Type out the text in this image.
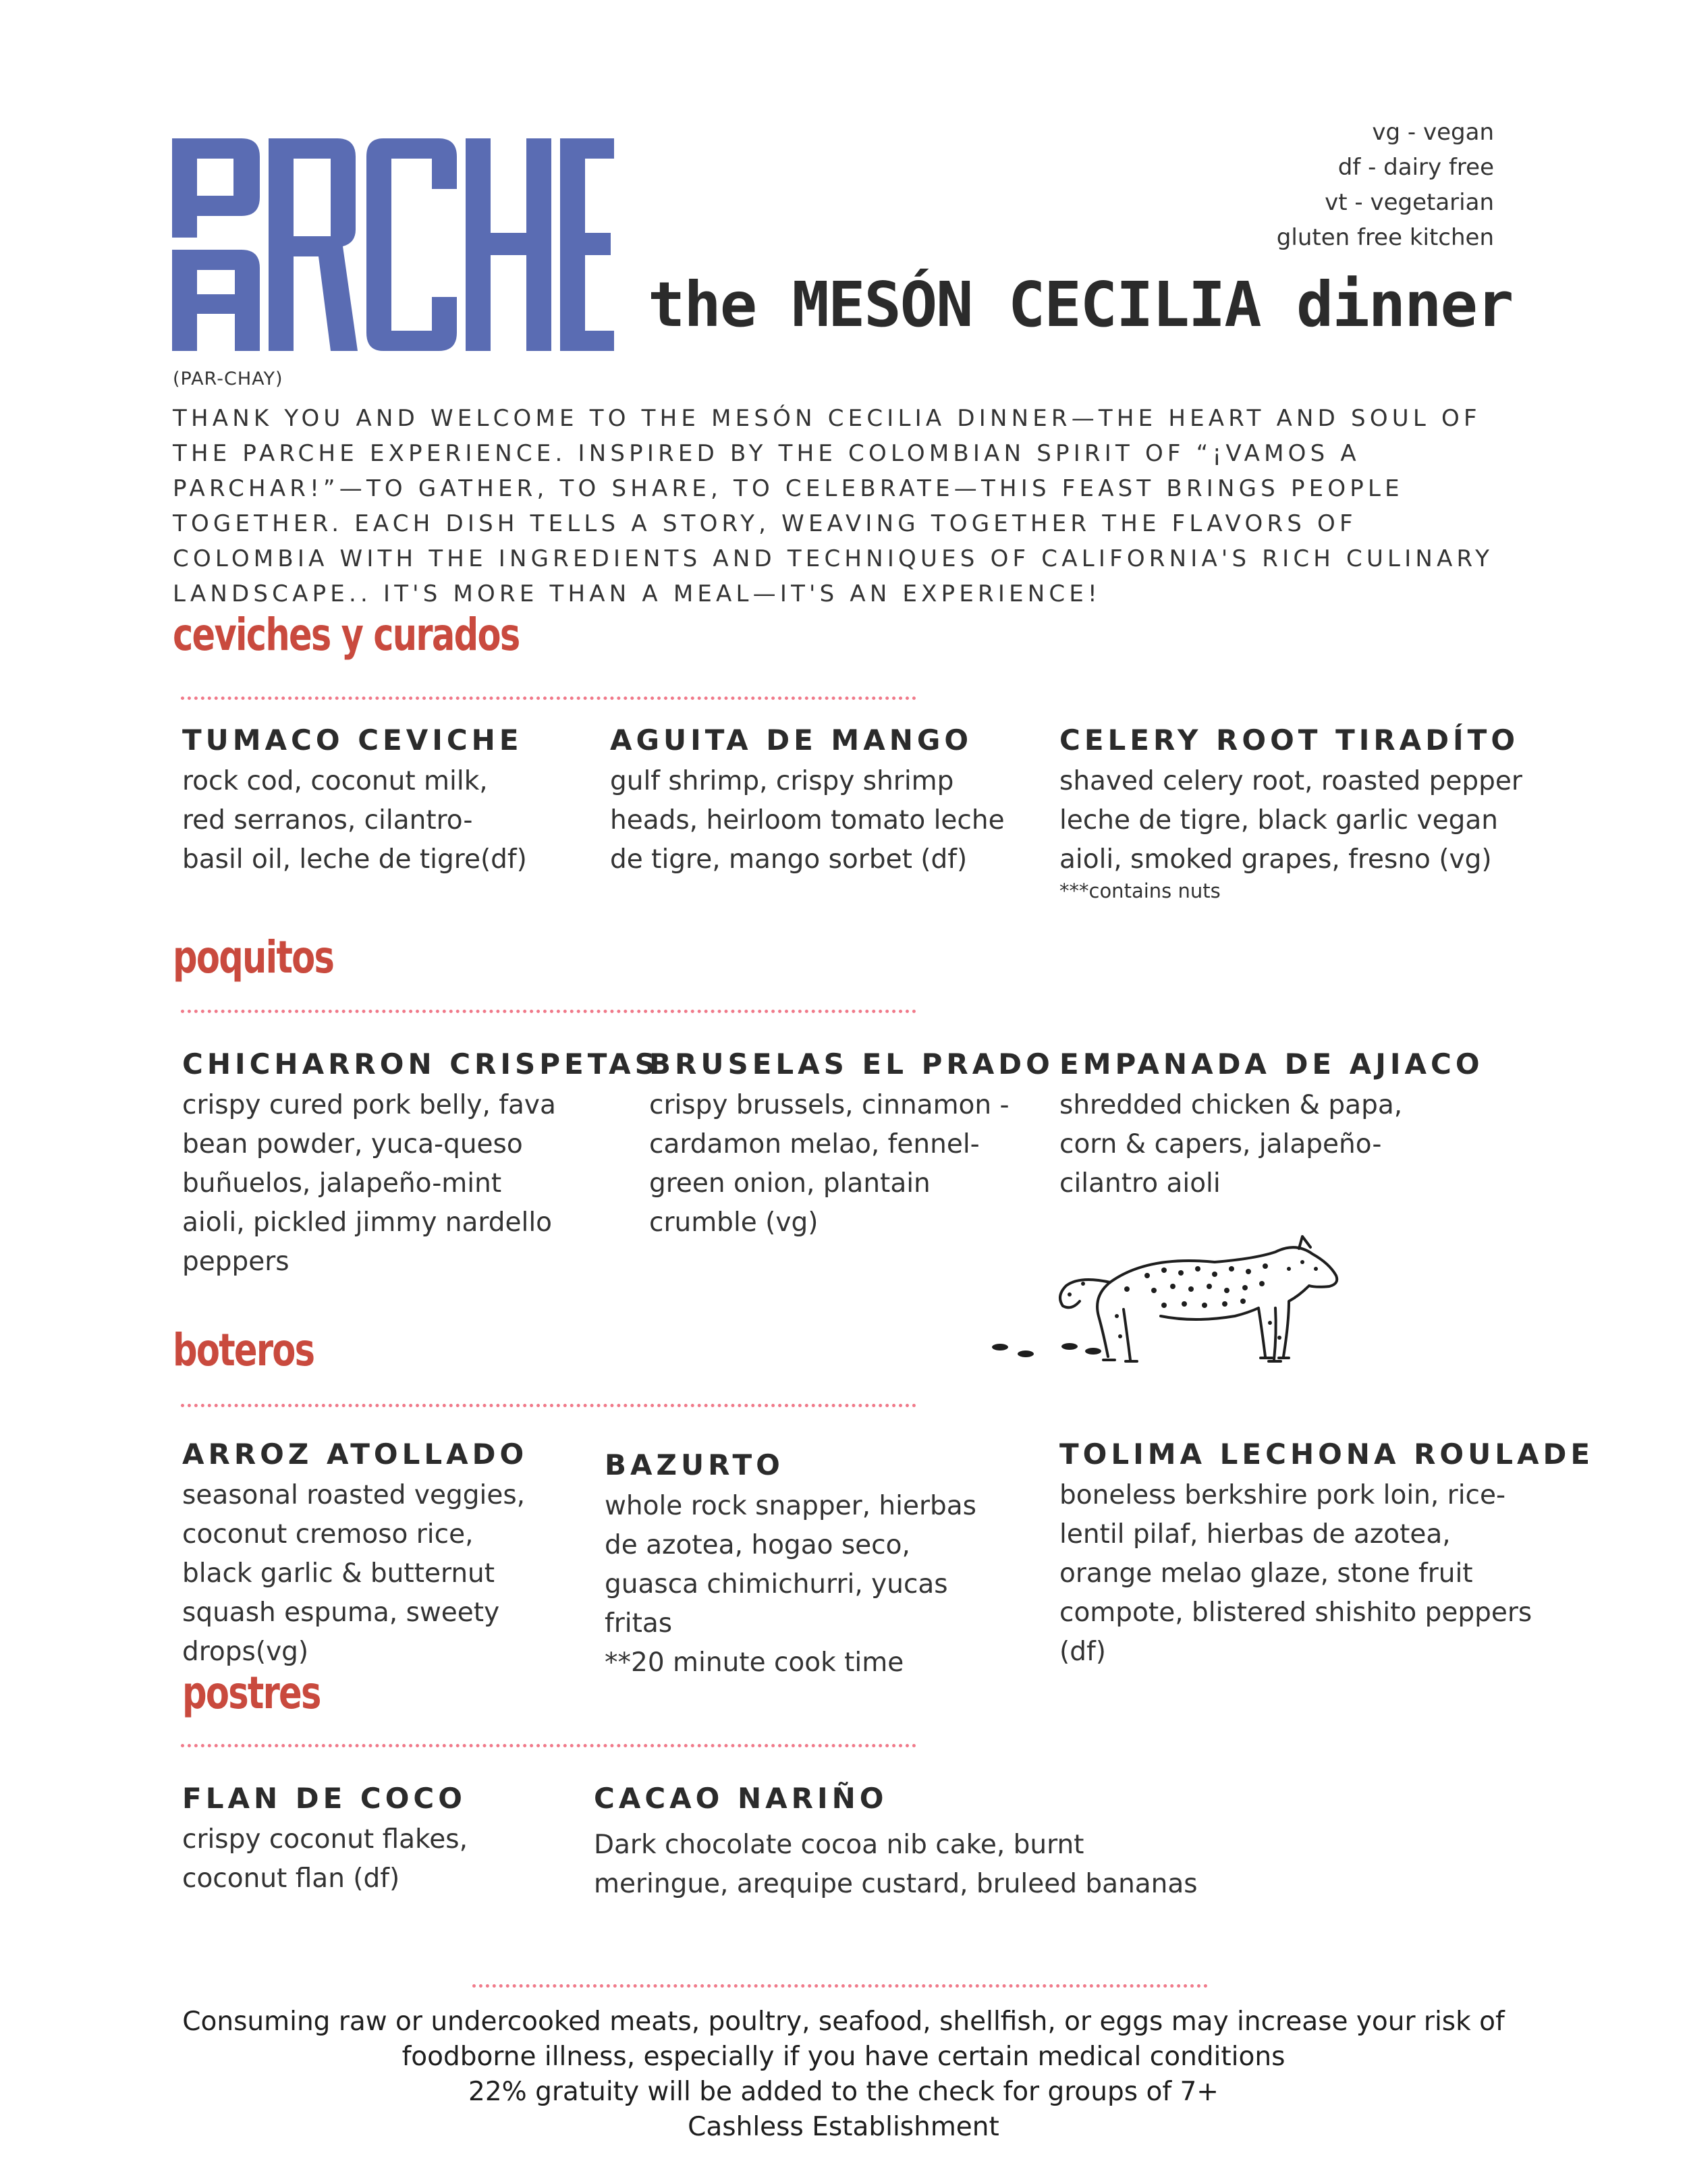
(PAR-CHAY)
vg - vegan
df - dairy free
vt - vegetarian
gluten free kitchen
the MESÓN CECILIA dinner
THANK YOU AND WELCOME TO THE MESÓN CECILIA DINNER—THE HEART AND SOUL OF THE PARCHE EXPERIENCE. INSPIRED BY THE COLOMBIAN SPIRIT OF “¡VAMOS A PARCHAR!”—TO GATHER, TO SHARE, TO CELEBRATE—THIS FEAST BRINGS PEOPLE TOGETHER. EACH DISH TELLS A STORY, WEAVING TOGETHER THE FLAVORS OF COLOMBIA WITH THE INGREDIENTS AND TECHNIQUES OF CALIFORNIA'S RICH CULINARY LANDSCAPE.. IT'S MORE THAN A MEAL—IT'S AN EXPERIENCE!
ceviches y curados
TUMACO CEVICHE
rock cod, coconut milk, red serranos, cilantro-basil oil, leche de tigre(df)
AGUITA DE MANGO
gulf shrimp, crispy shrimp heads, heirloom tomato leche de tigre, mango sorbet (df)
CELERY ROOT TIRADÍTO
shaved celery root, roasted pepper leche de tigre, black garlic vegan aioli, smoked grapes, fresno (vg)
***contains nuts
poquitos
CHICHARRON CRISPETAS
crispy cured pork belly, fava bean powder, yuca-queso buñuelos, jalapeño-mint aioli, pickled jimmy nardello peppers
BRUSELAS EL PRADO
crispy brussels, cinnamon -cardamon melao, fennel-green onion, plantain crumble (vg)
EMPANADA DE AJIACO
shredded chicken & papa, corn & capers, jalapeño-cilantro aioli
boteros
ARROZ ATOLLADO
seasonal roasted veggies, coconut cremoso rice, black garlic & butternut squash espuma, sweety drops(vg)
BAZURTO
whole rock snapper, hierbas de azotea, hogao seco, guasca chimichurri, yucas fritas
**20 minute cook time
TOLIMA LECHONA ROULADE
boneless berkshire pork loin, rice-lentil pilaf, hierbas de azotea, orange melao glaze, stone fruit compote, blistered shishito peppers (df)
postres
FLAN DE COCO
crispy coconut flakes, coconut flan (df)
CACAO NARIÑO
Dark chocolate cocoa nib cake, burnt meringue, arequipe custard, bruleed bananas
Consuming raw or undercooked meats, poultry, seafood, shellfish, or eggs may increase your risk of
foodborne illness, especially if you have certain medical conditions
22% gratuity will be added to the check for groups of 7+
Cashless Establishment
